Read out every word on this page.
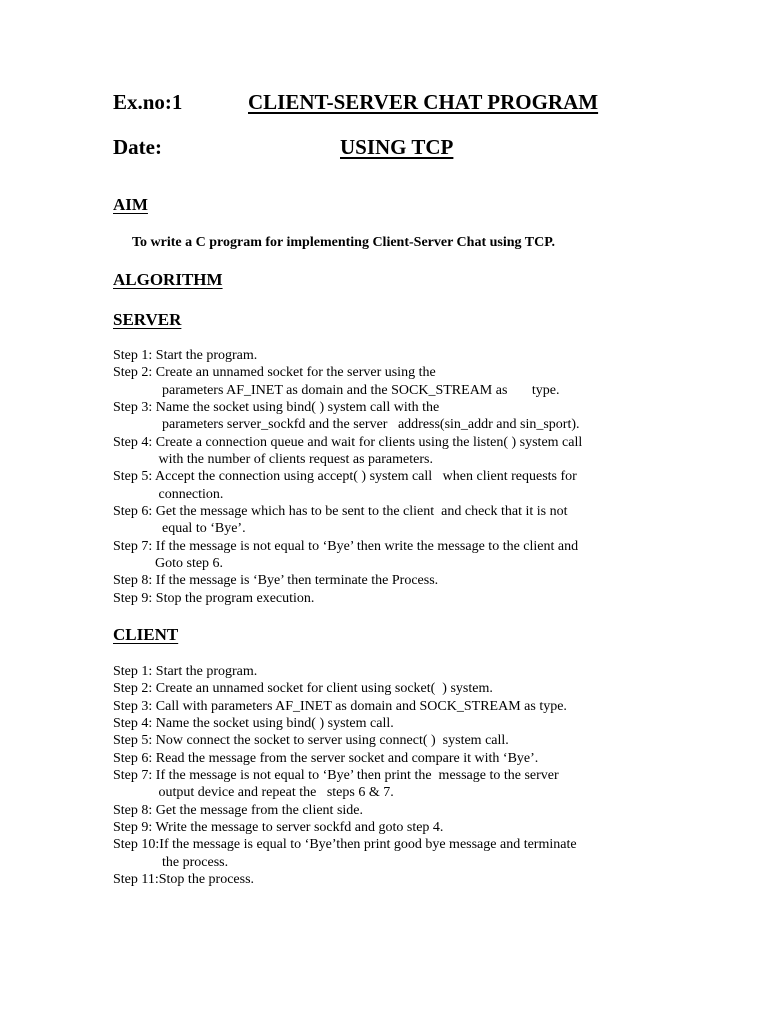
Ex.no:1	CLIENT-SERVER CHAT PROGRAM
Date:	USING TCP
AIM
To write a C program for implementing Client-Server Chat using TCP.
ALGORITHM
SERVER
Step 1: Start the program.
Step 2: Create an unnamed socket for the server using the
parameters AF_INET as domain and the SOCK_STREAM as       type.
Step 3: Name the socket using bind( ) system call with the
parameters server_sockfd and the server   address(sin_addr and sin_sport).
Step 4: Create a connection queue and wait for clients using the listen( ) system call
with the number of clients request as parameters.
Step 5: Accept the connection using accept( ) system call   when client requests for
connection.
Step 6: Get the message which has to be sent to the client  and check that it is not
equal to ‘Bye’.
Step 7: If the message is not equal to ‘Bye’ then write the message to the client and
Goto step 6.
Step 8: If the message is ‘Bye’ then terminate the Process.
Step 9: Stop the program execution.
CLIENT
Step 1: Start the program.
Step 2: Create an unnamed socket for client using socket(  ) system.
Step 3: Call with parameters AF_INET as domain and SOCK_STREAM as type.
Step 4: Name the socket using bind( ) system call.
Step 5: Now connect the socket to server using connect( )  system call.
Step 6: Read the message from the server socket and compare it with ‘Bye’.
Step 7: If the message is not equal to ‘Bye’ then print the  message to the server
output device and repeat the   steps 6 & 7.
Step 8: Get the message from the client side.
Step 9: Write the message to server sockfd and goto step 4.
Step 10:If the message is equal to ‘Bye’then print good bye message and terminate
the process.
Step 11:Stop the process.
